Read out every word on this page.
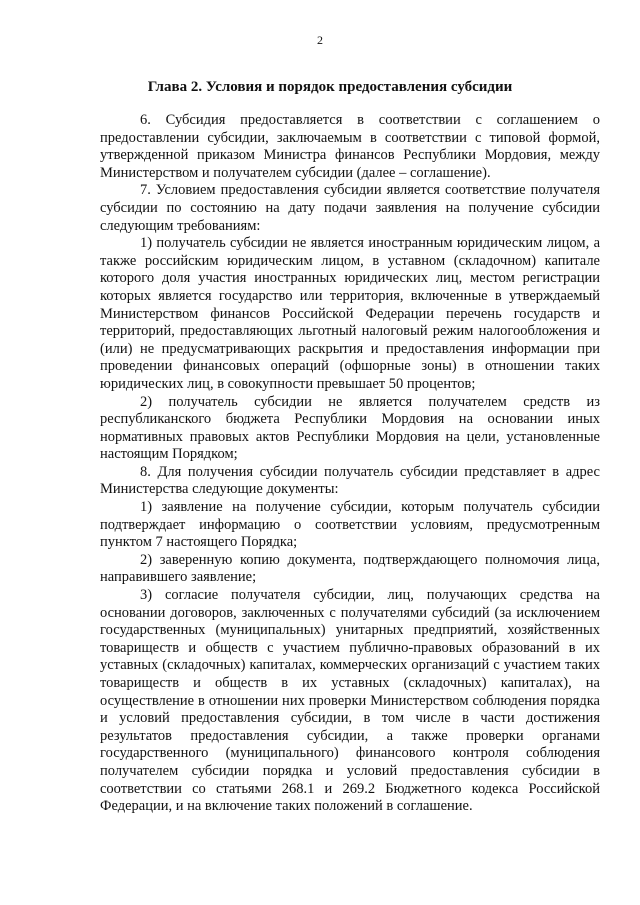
2
Глава 2. Условия и порядок предоставления субсидии

6. Субсидия предоставляется в соответствии с соглашением о предоставлении субсидии, заключаемым в соответствии с типовой формой, утвержденной приказом Министра финансов Республики Мордовия, между Министерством и получателем субсидии (далее – соглашение).

7. Условием предоставления субсидии является соответствие получателя субсидии по состоянию на дату подачи заявления на получение субсидии следующим требованиям:

1) получатель субсидии не является иностранным юридическим лицом, а также российским юридическим лицом, в уставном (складочном) капитале которого доля участия иностранных юридических лиц, местом регистрации которых является государство или территория, включенные в утверждаемый Министерством финансов Российской Федерации перечень государств и территорий, предоставляющих льготный налоговый режим налогообложения и (или) не предусматривающих раскрытия и предоставления информации при проведении финансовых операций (офшорные зоны) в отношении таких юридических лиц, в совокупности превышает 50 процентов;

2) получатель субсидии не является получателем средств из республиканского бюджета Республики Мордовия на основании иных нормативных правовых актов Республики Мордовия на цели, установленные настоящим Порядком;

8. Для получения субсидии получатель субсидии представляет в адрес Министерства следующие документы:

1) заявление на получение субсидии, которым получатель субсидии подтверждает информацию о соответствии условиям, предусмотренным пунктом 7 настоящего Порядка;

2) заверенную копию документа, подтверждающего полномочия лица, направившего заявление;

3) согласие получателя субсидии, лиц, получающих средства на основании договоров, заключенных с получателями субсидий (за исключением государственных (муниципальных) унитарных предприятий, хозяйственных товариществ и обществ с участием публично-правовых образований в их уставных (складочных) капиталах, коммерческих организаций с участием таких товариществ и обществ в их уставных (складочных) капиталах), на осуществление в отношении них проверки Министерством соблюдения порядка и условий предоставления субсидии, в том числе в части достижения результатов предоставления субсидии, а также проверки органами государственного (муниципального) финансового контроля соблюдения получателем субсидии порядка и условий предоставления субсидии в соответствии со статьями 268.1 и 269.2 Бюджетного кодекса Российской Федерации, и на включение таких положений в соглашение.
